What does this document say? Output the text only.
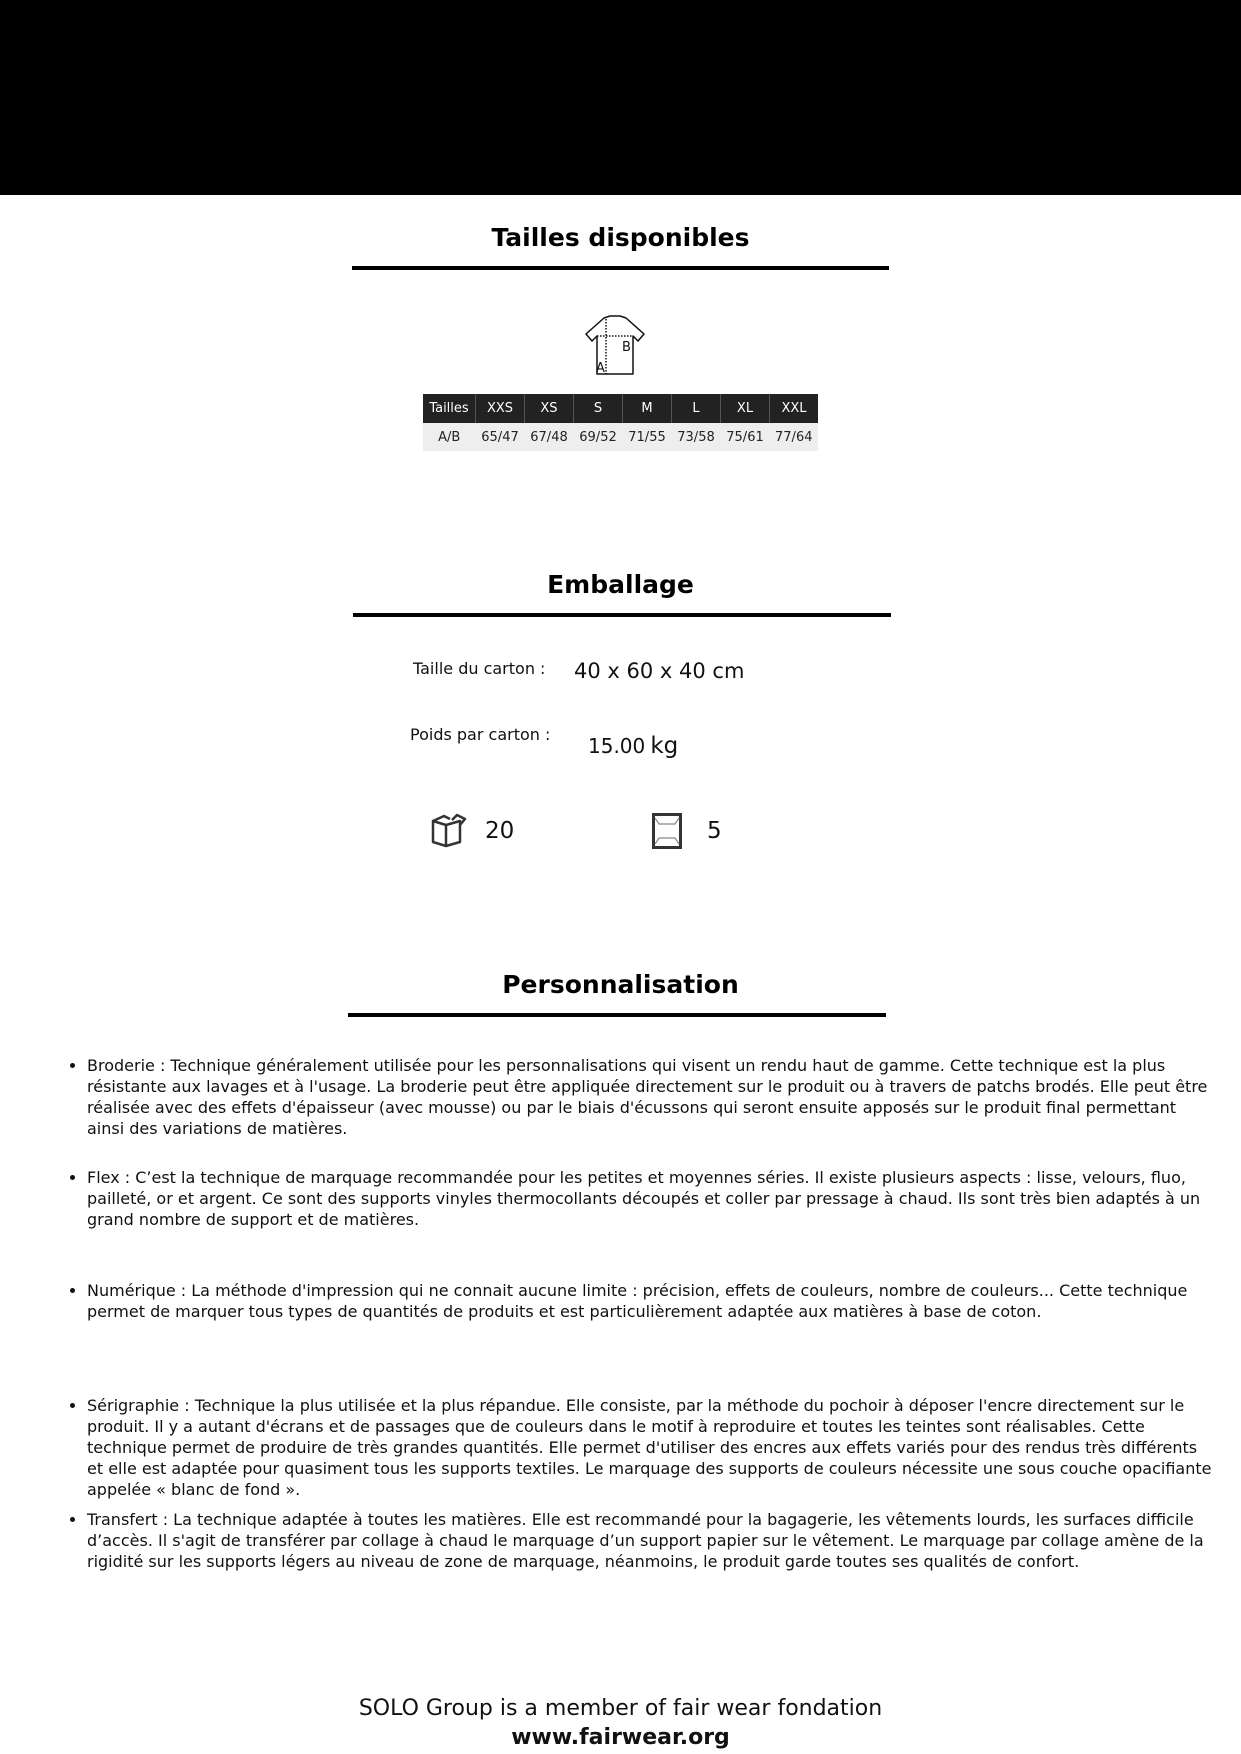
Tailles disponibles
A
B
Tailles	XXS	XS	S	M	L	XL	XXL
A/B	65/47	67/48	69/52	71/55	73/58	75/61	77/64
Emballage
Taille du carton : 40 x 60 x 40 cm
Poids par carton : 15.00 kg
20	5
Personnalisation
• Broderie : Technique généralement utilisée pour les personnalisations qui visent un rendu haut de gamme. Cette technique est la plus résistante aux lavages et à l'usage. La broderie peut être appliquée directement sur le produit ou à travers de patchs brodés. Elle peut être réalisée avec des effets d'épaisseur (avec mousse) ou par le biais d'écussons qui seront ensuite apposés sur le produit final permettant ainsi des variations de matières.
• Flex : C’est la technique de marquage recommandée pour les petites et moyennes séries. Il existe plusieurs aspects : lisse, velours, fluo, pailleté, or et argent. Ce sont des supports vinyles thermocollants découpés et coller par pressage à chaud. Ils sont très bien adaptés à un grand nombre de support et de matières.
• Numérique : La méthode d'impression qui ne connait aucune limite : précision, effets de couleurs, nombre de couleurs... Cette technique permet de marquer tous types de quantités de produits et est particulièrement adaptée aux matières à base de coton.
• Sérigraphie : Technique la plus utilisée et la plus répandue. Elle consiste, par la méthode du pochoir à déposer l'encre directement sur le produit. Il y a autant d'écrans et de passages que de couleurs dans le motif à reproduire et toutes les teintes sont réalisables. Cette technique permet de produire de très grandes quantités. Elle permet d'utiliser des encres aux effets variés pour des rendus très différents et elle est adaptée pour quasiment tous les supports textiles. Le marquage des supports de couleurs nécessite une sous couche opacifiante appelée « blanc de fond ».
• Transfert : La technique adaptée à toutes les matières. Elle est recommandé pour la bagagerie, les vêtements lourds, les surfaces difficile d’accès. Il s'agit de transférer par collage à chaud le marquage d’un support papier sur le vêtement. Le marquage par collage amène de la rigidité sur les supports légers au niveau de zone de marquage, néanmoins, le produit garde toutes ses qualités de confort.
SOLO Group is a member of fair wear fondation
www.fairwear.org
